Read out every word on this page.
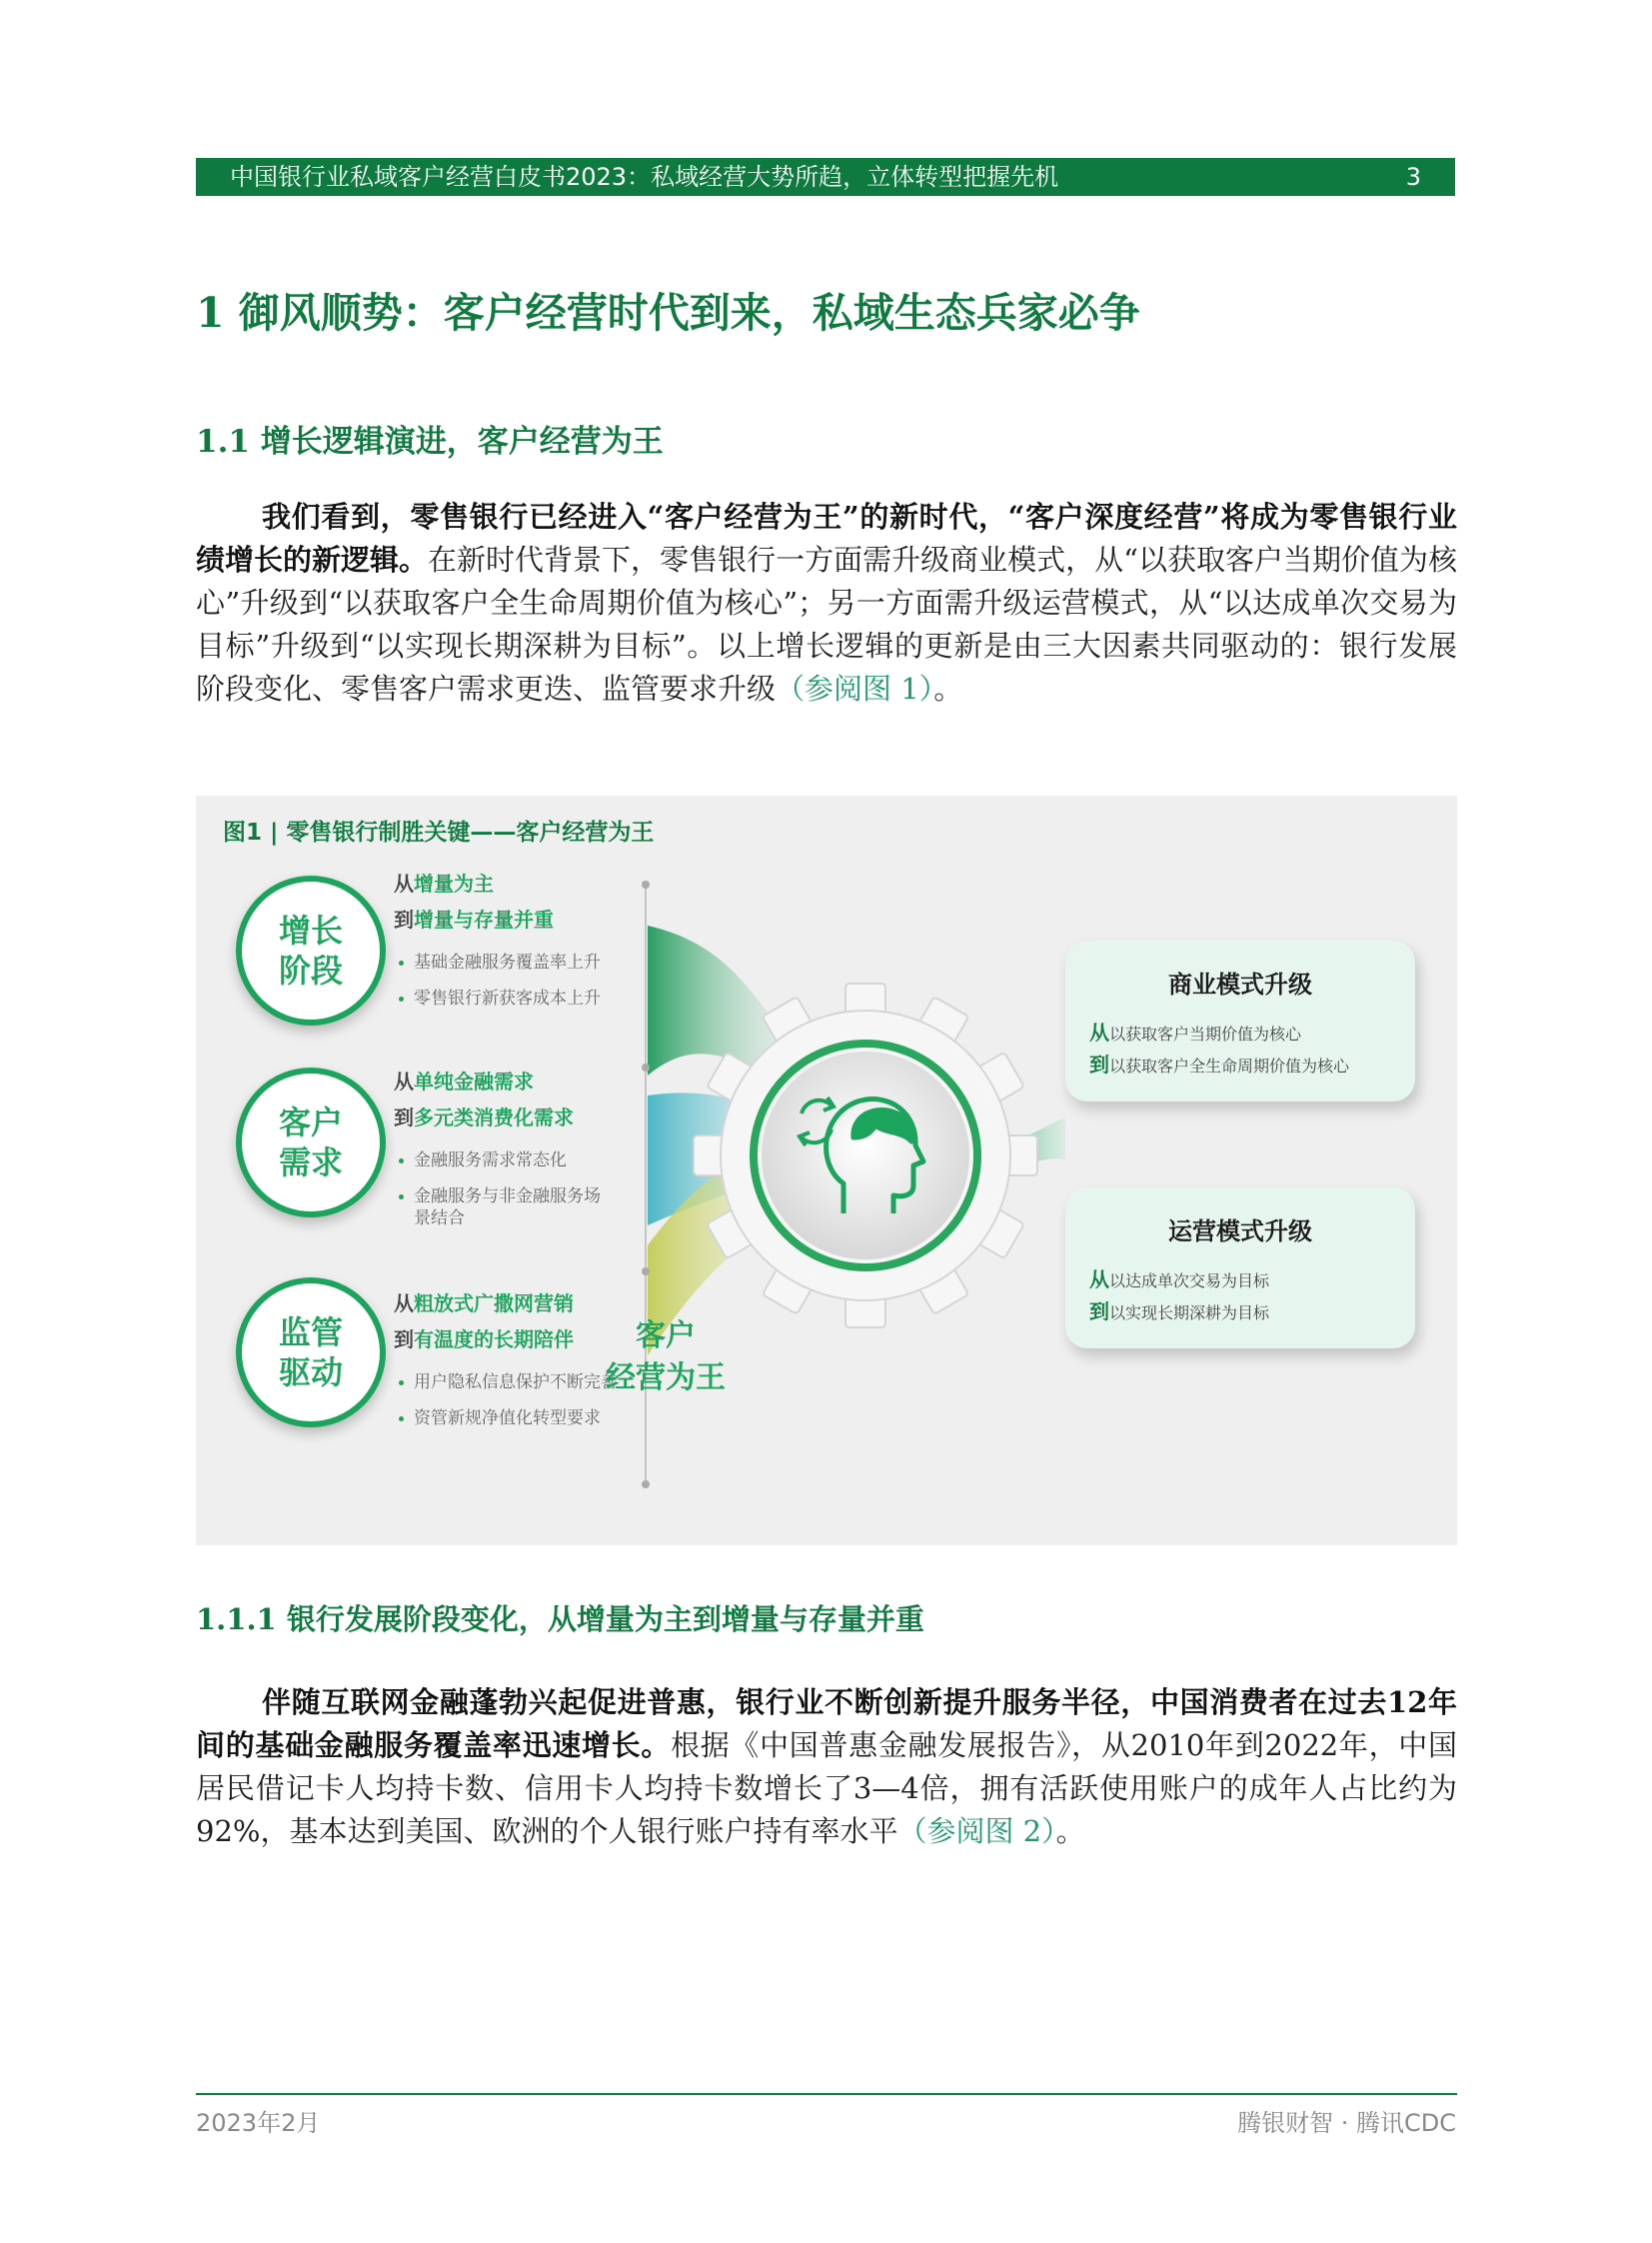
中国银行业私域客户经营白皮书2023：私域经营大势所趋，立体转型把握先机	3
1 御风顺势：客户经营时代到来，私域生态兵家必争
1.1 增长逻辑演进，客户经营为王
我们看到，零售银行已经进入“客户经营为王”的新时代，“客户深度经营”将成为零售银行业绩增长的新逻辑。在新时代背景下，零售银行一方面需升级商业模式，从“以获取客户当期价值为核心”升级到“以获取客户全生命周期价值为核心”；另一方面需升级运营模式，从“以达成单次交易为目标”升级到“以实现长期深耕为目标”。以上增长逻辑的更新是由三大因素共同驱动的：银行发展阶段变化、零售客户需求更迭、监管要求升级（参阅图 1）。
图1 | 零售银行制胜关键——客户经营为王
增长阶段
客户需求
监管驱动
从增量为主
到增量与存量并重
基础金融服务覆盖率上升
零售银行新获客成本上升
从单纯金融需求
到多元类消费化需求
金融服务需求常态化
金融服务与非金融服务场景结合
从粗放式广撒网营销
到有温度的长期陪伴
用户隐私信息保护不断完善
资管新规净值化转型要求
客户
经营为王
商业模式升级
从以获取客户当期价值为核心
到以获取客户全生命周期价值为核心
运营模式升级
从以达成单次交易为目标
到以实现长期深耕为目标
1.1.1 银行发展阶段变化，从增量为主到增量与存量并重
伴随互联网金融蓬勃兴起促进普惠，银行业不断创新提升服务半径，中国消费者在过去12年间的基础金融服务覆盖率迅速增长。根据《中国普惠金融发展报告》，从2010年到2022年，中国居民借记卡人均持卡数、信用卡人均持卡数增长了3—4倍，拥有活跃使用账户的成年人占比约为92%，基本达到美国、欧洲的个人银行账户持有率水平（参阅图 2）。
2023年2月	腾银财智 · 腾讯CDC
